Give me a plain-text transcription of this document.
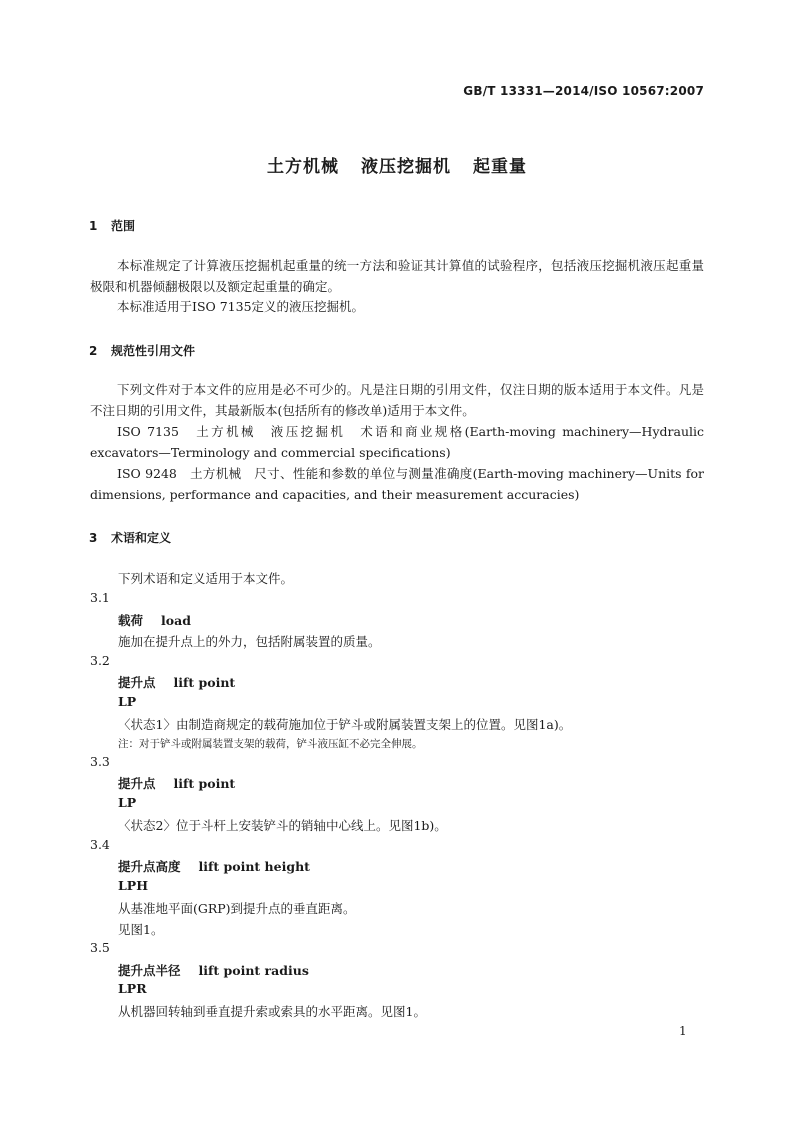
GB/T 13331—2014/ISO 10567:2007
土方机械 液压挖掘机 起重量
1 范围
本标准规定了计算液压挖掘机起重量的统一方法和验证其计算值的试验程序，包括液压挖掘机液压起重量极限和机器倾翻极限以及额定起重量的确定。
本标准适用于ISO 7135定义的液压挖掘机。
2 规范性引用文件
下列文件对于本文件的应用是必不可少的。凡是注日期的引用文件，仅注日期的版本适用于本文件。凡是不注日期的引用文件，其最新版本(包括所有的修改单)适用于本文件。
ISO 7135　土方机械　液压挖掘机　术语和商业规格(Earth-moving machinery—Hydraulic excavators—Terminology and commercial specifications)
ISO 9248　土方机械　尺寸、性能和参数的单位与测量准确度(Earth-moving machinery—Units for dimensions, performance and capacities, and their measurement accuracies)
3 术语和定义
下列术语和定义适用于本文件。
3.1
载荷 load
施加在提升点上的外力，包括附属装置的质量。
3.2
提升点 lift point
LP
〈状态1〉由制造商规定的载荷施加位于铲斗或附属装置支架上的位置。见图1a)。
注：对于铲斗或附属装置支架的载荷，铲斗液压缸不必完全伸展。
3.3
提升点 lift point
LP
〈状态2〉位于斗杆上安装铲斗的销轴中心线上。见图1b)。
3.4
提升点高度 lift point height
LPH
从基准地平面(GRP)到提升点的垂直距离。
见图1。
3.5
提升点半径 lift point radius
LPR
从机器回转轴到垂直提升索或索具的水平距离。见图1。
1
